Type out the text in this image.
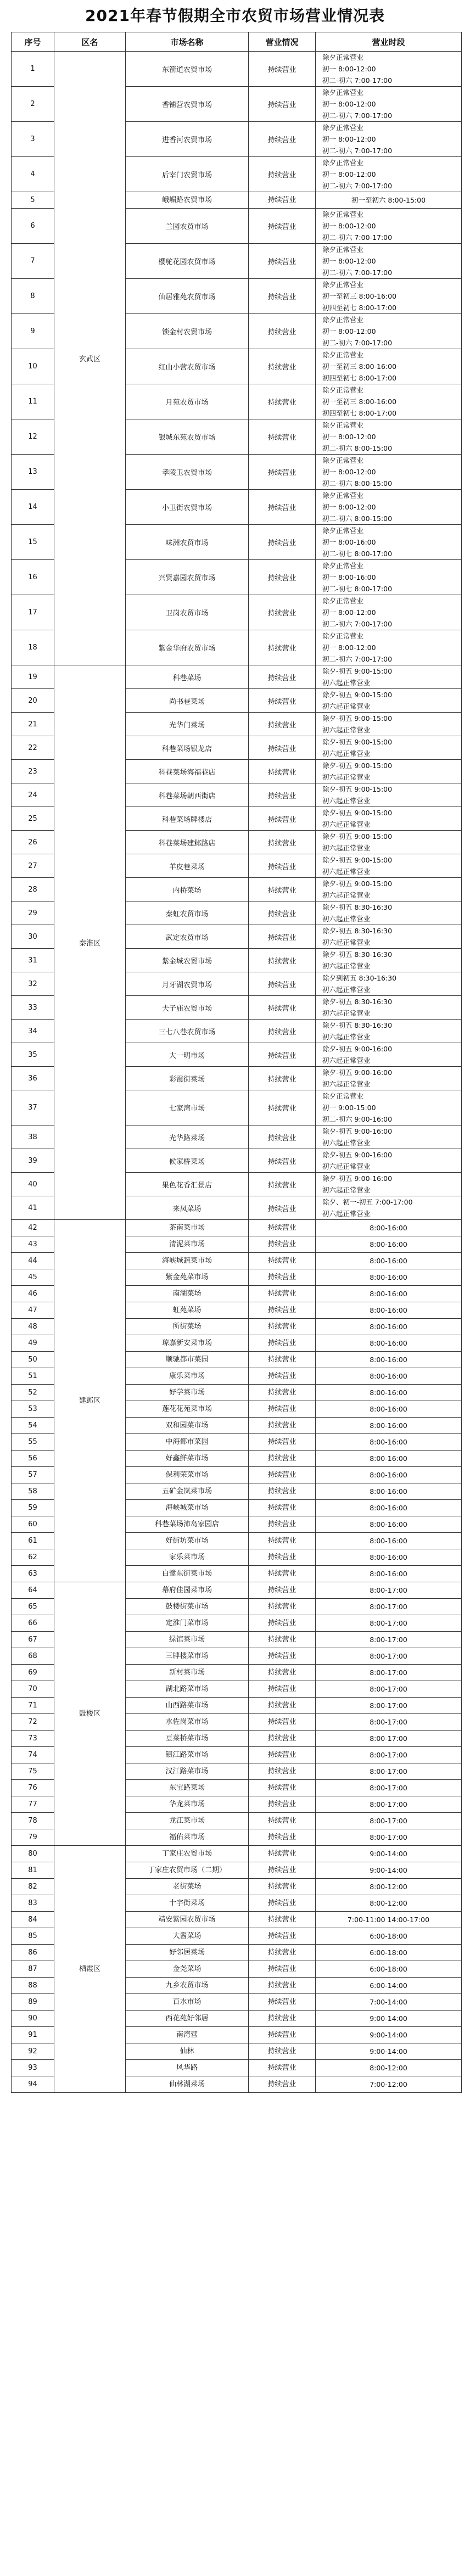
2021年春节假期全市农贸市场营业情况表
序号	区名	市场名称	营业情况	营业时段
1	玄武区	东箭道农贸市场	持续营业	除夕正常营业
初一 8:00-12:00
初二-初六 7:00-17:00

2		香铺营农贸市场	持续营业	除夕正常营业
初一 8:00-12:00
初二-初六 7:00-17:00

3		进香河农贸市场	持续营业	除夕正常营业
初一 8:00-12:00
初二-初六 7:00-17:00

4		后宰门农贸市场	持续营业	除夕正常营业
初一 8:00-12:00
初二-初六 7:00-17:00

5		峨嵋路农贸市场	持续营业	初一至初六 8:00-15:00

6		兰园农贸市场	持续营业	除夕正常营业
初一 8:00-12:00
初二-初六 7:00-17:00

7		樱驼花园农贸市场	持续营业	除夕正常营业
初一 8:00-12:00
初二-初六 7:00-17:00

8		仙居雅苑农贸市场	持续营业	除夕正常营业
初一至初三 8:00-16:00
初四至初七 8:00-17:00

9		锁金村农贸市场	持续营业	除夕正常营业
初一 8:00-12:00
初二-初六 7:00-17:00

10		红山小营农贸市场	持续营业	除夕正常营业
初一至初三 8:00-16:00
初四至初七 8:00-17:00

11		月苑农贸市场	持续营业	除夕正常营业
初一至初三 8:00-16:00
初四至初七 8:00-17:00

12		银城东苑农贸市场	持续营业	除夕正常营业
初一 8:00-12:00
初二-初六 8:00-15:00

13		孝陵卫农贸市场	持续营业	除夕正常营业
初一 8:00-12:00
初二-初六 8:00-15:00

14		小卫街农贸市场	持续营业	除夕正常营业
初一 8:00-12:00
初二-初六 8:00-15:00

15		味洲农贸市场	持续营业	除夕正常营业
初一 8:00-16:00
初二-初七 8:00-17:00

16		兴贤嘉园农贸市场	持续营业	除夕正常营业
初一 8:00-16:00
初二-初七 8:00-17:00

17		卫岗农贸市场	持续营业	除夕正常营业
初一 8:00-12:00
初二-初六 7:00-17:00

18		紫金华府农贸市场	持续营业	除夕正常营业
初一 8:00-12:00
初二-初六 7:00-17:00

19	秦淮区	科巷菜场	持续营业	除夕-初五 9:00-15:00
初六起正常营业

20		尚书巷菜场	持续营业	除夕-初五 9:00-15:00
初六起正常营业

21		光华门菜场	持续营业	除夕-初五 9:00-15:00
初六起正常营业

22		科巷菜场银龙店	持续营业	除夕-初五 9:00-15:00
初六起正常营业

23		科巷菜场海福巷店	持续营业	除夕-初五 9:00-15:00
初六起正常营业

24		科巷菜场朝西街店	持续营业	除夕-初五 9:00-15:00
初六起正常营业

25		科巷菜场牌楼店	持续营业	除夕-初五 9:00-15:00
初六起正常营业

26		科巷菜场建邺路店	持续营业	除夕-初五 9:00-15:00
初六起正常营业

27		羊皮巷菜场	持续营业	除夕-初五 9:00-15:00
初六起正常营业

28		内桥菜场	持续营业	除夕-初五 9:00-15:00
初六起正常营业

29		秦虹农贸市场	持续营业	除夕-初五 8:30-16:30
初六起正常营业

30		武定农贸市场	持续营业	除夕-初五 8:30-16:30
初六起正常营业

31		紫金城农贸市场	持续营业	除夕-初五 8:30-16:30
初六起正常营业

32		月牙湖农贸市场	持续营业	除夕到初五 8:30-16:30
初六起正常营业

33		夫子庙农贸市场	持续营业	除夕-初五 8:30-16:30
初六起正常营业

34		三七八巷农贸市场	持续营业	除夕-初五 8:30-16:30
初六起正常营业

35		大一明市场	持续营业	除夕-初五 9:00-16:00
初六起正常营业

36		彩霞街菜场	持续营业	除夕-初五 9:00-16:00
初六起正常营业

37		七家湾市场	持续营业	除夕正常营业
初一 9:00-15:00
初二-初六 9:00-16:00

38		光华路菜场	持续营业	除夕-初五 9:00-16:00
初六起正常营业

39		候家桥菜场	持续营业	除夕-初五 9:00-16:00
初六起正常营业

40		果色花香汇景店	持续营业	除夕-初五 9:00-16:00
初六起正常营业

41		来凤菜场	持续营业	除夕、初一-初五 7:00-17:00
初六起正常营业

42	建邺区	茶南菜市场	持续营业	8:00-16:00

43		清泥菜市场	持续营业	8:00-16:00

44		海峡城蔬菜市场	持续营业	8:00-16:00

45		紫金苑菜市场	持续营业	8:00-16:00

46		南湖菜场	持续营业	8:00-16:00

47		虹苑菜场	持续营业	8:00-16:00

48		所街菜场	持续营业	8:00-16:00

49		琼嘉新安菜市场	持续营业	8:00-16:00

50		顺驰都市菜园	持续营业	8:00-16:00

51		康乐菜市场	持续营业	8:00-16:00

52		好学菜市场	持续营业	8:00-16:00

53		莲花花苑菜市场	持续营业	8:00-16:00

54		双和园菜市场	持续营业	8:00-16:00

55		中海都市菜园	持续营业	8:00-16:00

56		好鑫鲜菜市场	持续营业	8:00-16:00

57		保利荣菜市场	持续营业	8:00-16:00

58		五矿金岚菜市场	持续营业	8:00-16:00

59		海峡城菜市场	持续营业	8:00-16:00

60		科巷菜场沛岛家园店	持续营业	8:00-16:00

61		好街坊菜市场	持续营业	8:00-16:00

62		家乐菜市场	持续营业	8:00-16:00

63		白鹭东街菜市场	持续营业	8:00-16:00

64	鼓楼区	幕府佳园菜市场	持续营业	8:00-17:00

65		鼓楼街菜市场	持续营业	8:00-17:00

66		定淮门菜市场	持续营业	8:00-17:00

67		绿馆菜市场	持续营业	8:00-17:00

68		三牌楼菜市场	持续营业	8:00-17:00

69		新村菜市场	持续营业	8:00-17:00

70		湖北路菜市场	持续营业	8:00-17:00

71		山西路菜市场	持续营业	8:00-17:00

72		水佐岗菜市场	持续营业	8:00-17:00

73		豆菜桥菜市场	持续营业	8:00-17:00

74		镇江路菜市场	持续营业	8:00-17:00

75		汉江路菜市场	持续营业	8:00-17:00

76		东宝路菜场	持续营业	8:00-17:00

77		华龙菜市场	持续营业	8:00-17:00

78		龙江菜市场	持续营业	8:00-17:00

79		福佑菜市场	持续营业	8:00-17:00

80	栖霞区	丁家庄农贸市场	持续营业	9:00-14:00

81		丁家庄农贸市场（二期）	持续营业	9:00-14:00

82		老街菜场	持续营业	8:00-12:00

83		十字街菜场	持续营业	8:00-12:00

84		靖安紫园农贸市场	持续营业	7:00-11:00 14:00-17:00

85		大酱菜场	持续营业	6:00-18:00

86		好邻居菜场	持续营业	6:00-18:00

87		金尧菜场	持续营业	6:00-18:00

88		九乡农贸市场	持续营业	6:00-14:00

89		百水市场	持续营业	7:00-14:00

90		西花苑好邻居	持续营业	9:00-14:00

91		南湾营	持续营业	9:00-14:00

92		仙林	持续营业	9:00-14:00

93		风华路	持续营业	8:00-12:00

94		仙林湖菜场	持续营业	7:00-12:00
